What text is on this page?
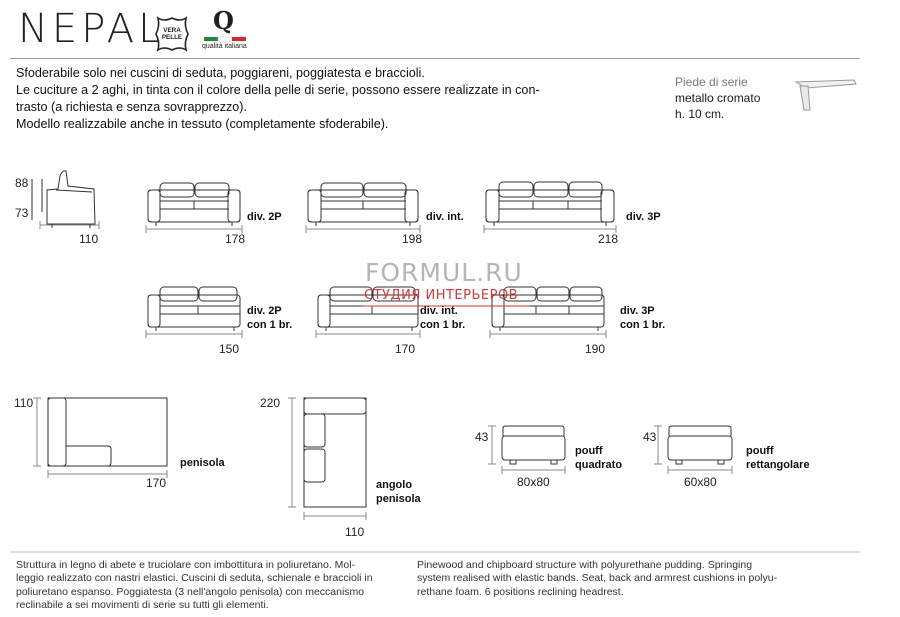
NEPAL
VERA
PELLE
Q
qualità italiana
Sfoderabile solo nei cuscini di seduta, poggiareni, poggiatesta e braccioli.
Le cuciture a 2 aghi, in tinta con il colore della pelle di serie, possono essere realizzate in con-
trasto (a richiesta e senza sovrapprezzo).
Modello realizzabile anche in tessuto (completamente sfoderabile).
Piede di serie
metallo cromato
h. 10 cm.
88
73
110	178
div. 2P
198
div. int.
218
div. 3P
150
div. 2P
con 1 br.
170
div. int.
con 1 br.
190
div. 3P
con 1 br.
110
170
penisola
220
110
angolo
penisola
43
80x80
pouff
quadrato
43
60x80
pouff
rettangolare
FORMUL.RU
СТУДИЯ ИНТЕРЬЕРОВ
Struttura in legno di abete e truciolare con imbottitura in poliuretano. Mol-
leggio realizzato con nastri elastici. Cuscini di seduta, schienale e braccioli in
poliuretano espanso. Poggiatesta (3 nell'angolo penisola) con meccanismo
reclinabile a sei movimenti di serie su tutti gli elementi.
Pinewood and chipboard structure with polyurethane pudding. Springing
system realised with elastic bands. Seat, back and armrest cushions in polyu-
rethane foam. 6 positions reclining headrest.
